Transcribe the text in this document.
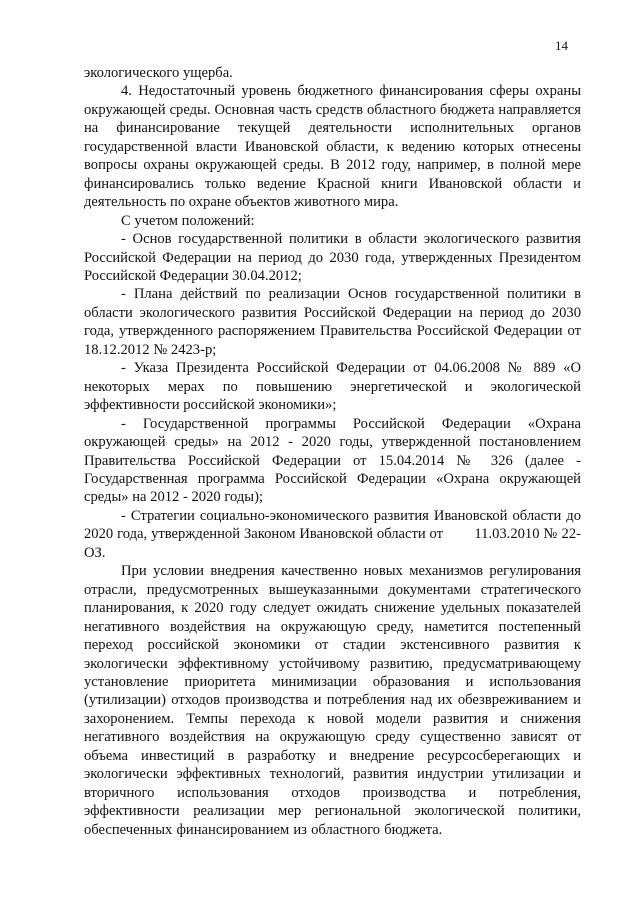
14

экологического ущерба.

4. Недостаточный уровень бюджетного финансирования сферы охраны окружающей среды. Основная часть средств областного бюджета направляется на финансирование текущей деятельности исполнительных органов государственной власти Ивановской области, к ведению которых отнесены вопросы охраны окружающей среды. В 2012 году, например, в полной мере финансировались только ведение Красной книги Ивановской области и деятельность по охране объектов животного мира.

С учетом положений:

- Основ государственной политики в области экологического развития Российской Федерации на период до 2030 года, утвержденных Президентом Российской Федерации 30.04.2012;

- Плана действий по реализации Основ государственной политики в области экологического развития Российской Федерации на период до 2030 года, утвержденного распоряжением Правительства Российской Федерации от 18.12.2012 № 2423-р;

- Указа Президента Российской Федерации от 04.06.2008 № 889 «О некоторых мерах по повышению энергетической и экологической эффективности российской экономики»;

- Государственной программы Российской Федерации «Охрана окружающей среды» на 2012 - 2020 годы, утвержденной постановлением Правительства Российской Федерации от 15.04.2014 № 326 (далее - Государственная программа Российской Федерации «Охрана окружающей среды» на 2012 - 2020 годы);

- Стратегии социально-экономического развития Ивановской области до 2020 года, утвержденной Законом Ивановской области от        11.03.2010 № 22-ОЗ.

При условии внедрения качественно новых механизмов регулирования отрасли, предусмотренных вышеуказанными документами стратегического планирования, к 2020 году следует ожидать снижение удельных показателей негативного воздействия на окружающую среду, наметится постепенный переход российской экономики от стадии экстенсивного развития к экологически эффективному устойчивому развитию, предусматривающему установление приоритета минимизации образования и использования (утилизации) отходов производства и потребления над их обезвреживанием и захоронением. Темпы перехода к новой модели развития и снижения негативного воздействия на окружающую среду существенно зависят от объема инвестиций в разработку и внедрение ресурсосберегающих и экологически эффективных технологий, развития индустрии утилизации и вторичного использования отходов производства и потребления, эффективности реализации мер региональной экологической политики, обеспеченных финансированием из областного бюджета.
